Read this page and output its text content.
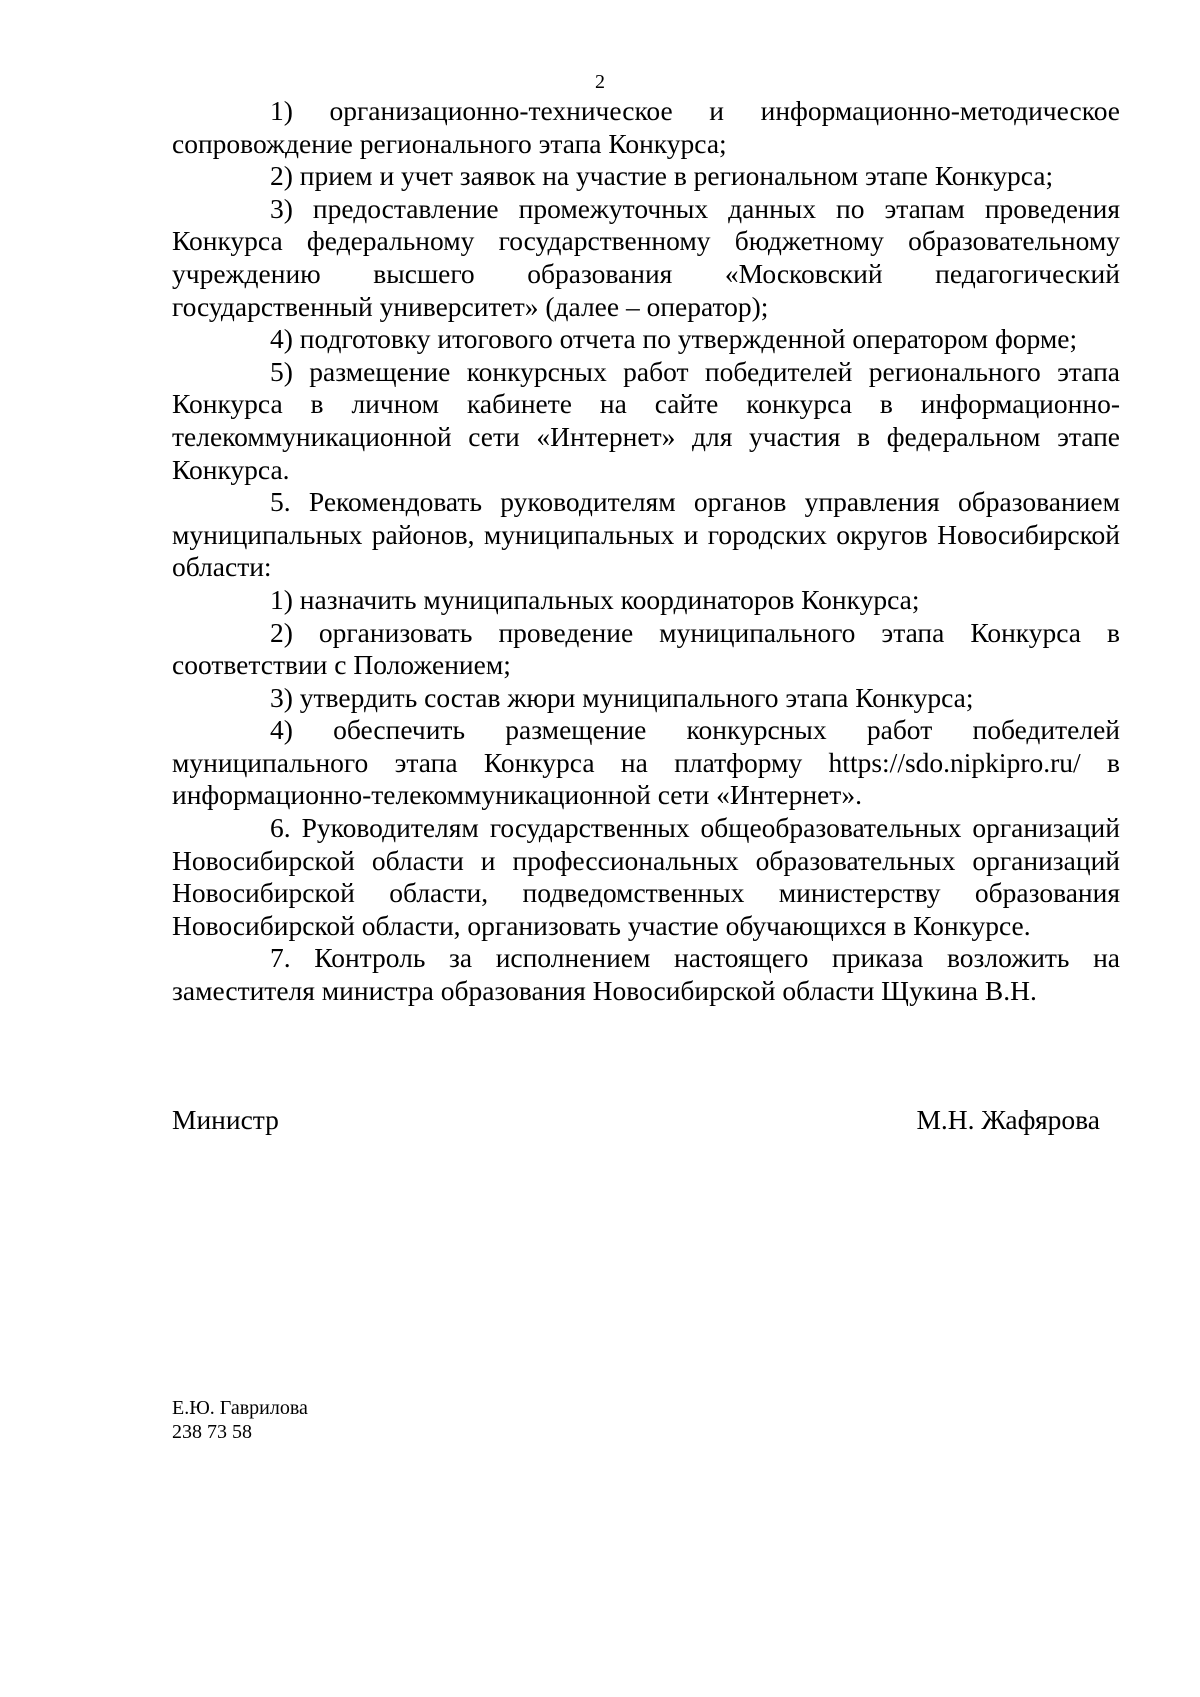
2

1) организационно-техническое и информационно-методическое сопровождение регионального этапа Конкурса;

2) прием и учет заявок на участие в региональном этапе Конкурса;

3) предоставление промежуточных данных по этапам проведения Конкурса федеральному государственному бюджетному образовательному учреждению высшего образования «Московский педагогический государственный университет» (далее – оператор);

4) подготовку итогового отчета по утвержденной оператором форме;

5) размещение конкурсных работ победителей регионального этапа Конкурса в личном кабинете на сайте конкурса в информационно-телекоммуникационной сети «Интернет» для участия в федеральном этапе Конкурса.

5. Рекомендовать руководителям органов управления образованием муниципальных районов, муниципальных и городских округов Новосибирской области:

1) назначить муниципальных координаторов Конкурса;

2) организовать проведение муниципального этапа Конкурса в соответствии с Положением;

3) утвердить состав жюри муниципального этапа Конкурса;

4) обеспечить размещение конкурсных работ победителей муниципального этапа Конкурса на платформу https://sdo.nipkipro.ru/ в информационно-телекоммуникационной сети «Интернет».

6. Руководителям государственных общеобразовательных организаций Новосибирской области и профессиональных образовательных организаций Новосибирской области, подведомственных министерству образования Новосибирской области, организовать участие обучающихся в Конкурсе.

7. Контроль за исполнением настоящего приказа возложить на заместителя министра образования Новосибирской области Щукина В.Н.

Министр	М.Н. Жафярова
Е.Ю. Гаврилова
238 73 58
